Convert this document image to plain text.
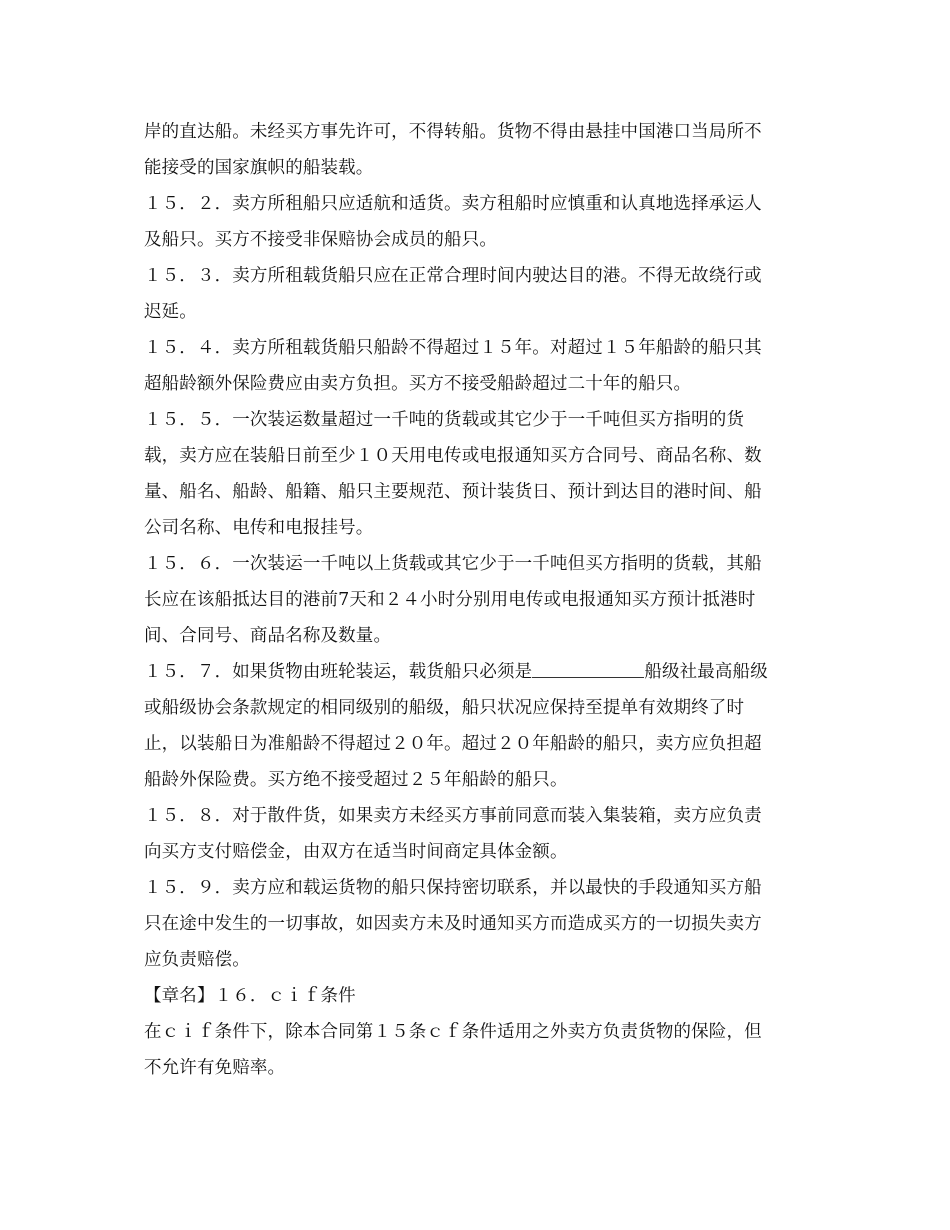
岸的直达船。未经买方事先许可，不得转船。货物不得由悬挂中国港口当局所不
能接受的国家旗帜的船装载。
１５．２．卖方所租船只应适航和适货。卖方租船时应慎重和认真地选择承运人
及船只。买方不接受非保赔协会成员的船只。
１５．３．卖方所租载货船只应在正常合理时间内驶达目的港。不得无故绕行或
迟延。
１５．４．卖方所租载货船只船龄不得超过１５年。对超过１５年船龄的船只其
超船龄额外保险费应由卖方负担。买方不接受船龄超过二十年的船只。
１５．５．一次装运数量超过一千吨的货载或其它少于一千吨但买方指明的货
载，卖方应在装船日前至少１０天用电传或电报通知买方合同号、商品名称、数
量、船名、船龄、船籍、船只主要规范、预计装货日、预计到达目的港时间、船
公司名称、电传和电报挂号。
１５．６．一次装运一千吨以上货载或其它少于一千吨但买方指明的货载，其船
长应在该船抵达目的港前7天和２４小时分别用电传或电报通知买方预计抵港时
间、合同号、商品名称及数量。
１５．７．如果货物由班轮装运，载货船只必须是	船级社最高船级
或船级协会条款规定的相同级别的船级，船只状况应保持至提单有效期终了时
止，以装船日为准船龄不得超过２０年。超过２０年船龄的船只，卖方应负担超
船龄外保险费。买方绝不接受超过２５年船龄的船只。
１５．８．对于散件货，如果卖方未经买方事前同意而装入集装箱，卖方应负责
向买方支付赔偿金，由双方在适当时间商定具体金额。
１５．９．卖方应和载运货物的船只保持密切联系，并以最快的手段通知买方船
只在途中发生的一切事故，如因卖方未及时通知买方而造成买方的一切损失卖方
应负责赔偿。
【章名】１６．ｃｉｆ条件
在ｃｉｆ条件下，除本合同第１５条ｃｆ条件适用之外卖方负责货物的保险，但
不允许有免赔率。
